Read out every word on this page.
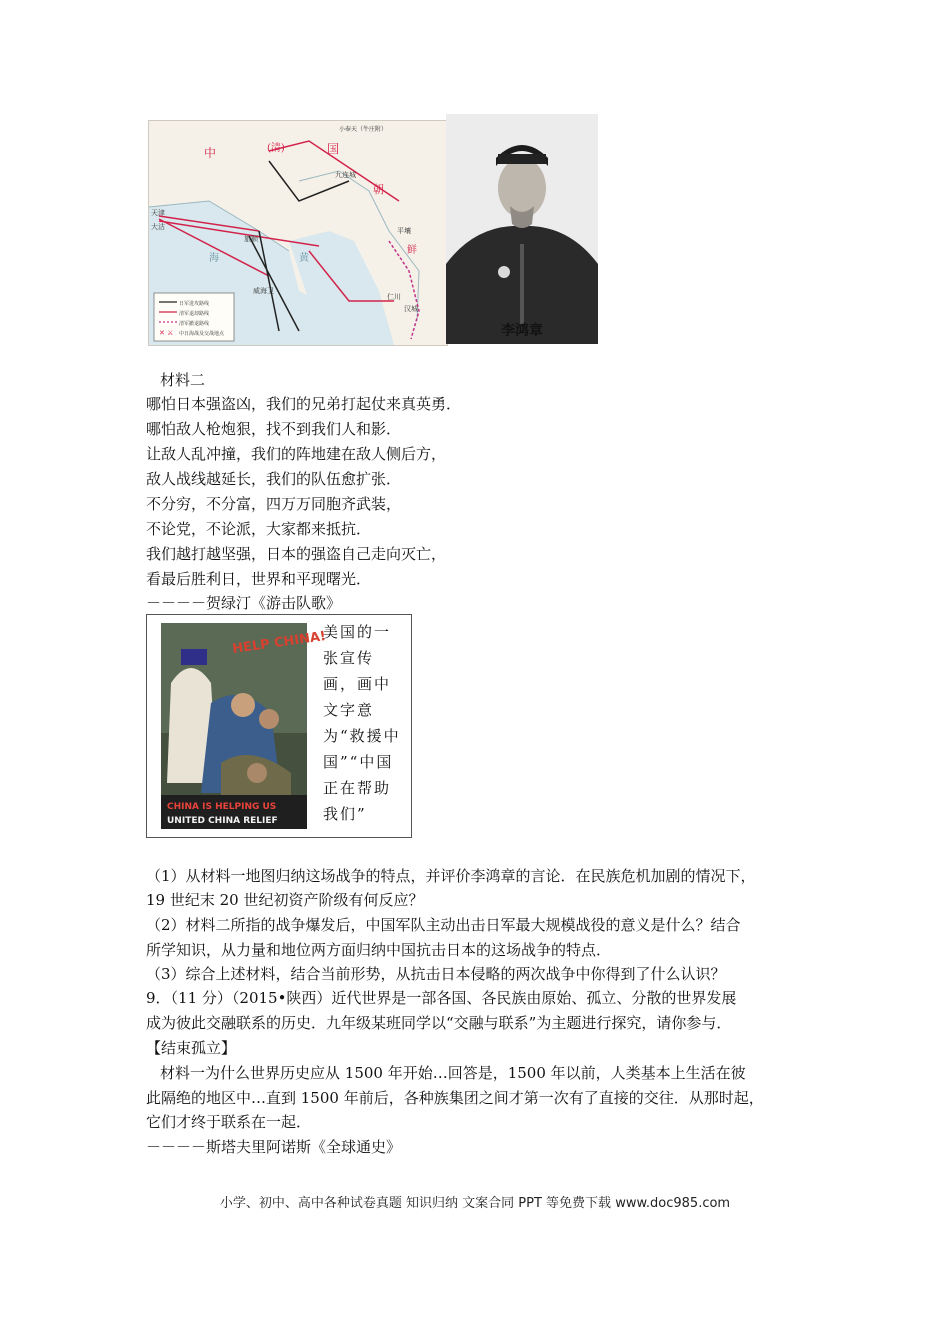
✕ ⚔
中	(清)	国
朝
鲜
海	黄
天津
大沽
旅顺
威海卫
汉城
仁川
平壤
九连城
小奉天（牛庄附）
日军进攻路线
清军退却路线
清军撤退路线
中日海战及交战地点	李鸿章
材料二
哪怕日本强盗凶，我们的兄弟打起仗来真英勇．
哪怕敌人枪炮狠，找不到我们人和影．
让敌人乱冲撞，我们的阵地建在敌人侧后方，
敌人战线越延长，我们的队伍愈扩张．
不分穷，不分富，四万万同胞齐武装，
不论党，不论派，大家都来抵抗．
我们越打越坚强，日本的强盗自己走向灭亡，
看最后胜利日，世界和平现曙光．
－－－－贺绿汀《游击队歌》
HELP CHINA!
CHINA IS HELPING US
UNITED CHINA RELIEF
美国的一张宣传画，画中文字意为“救援中国”“中国正在帮助我们”
（1）从材料一地图归纳这场战争的特点，并评价李鸿章的言论．在民族危机加剧的情况下，
19 世纪末 20 世纪初资产阶级有何反应？
（2）材料二所指的战争爆发后，中国军队主动出击日军最大规模战役的意义是什么？结合
所学知识，从力量和地位两方面归纳中国抗击日本的这场战争的特点．
（3）综合上述材料，结合当前形势，从抗击日本侵略的两次战争中你得到了什么认识？
9．（11 分）（2015•陕西）近代世界是一部各国、各民族由原始、孤立、分散的世界发展
成为彼此交融联系的历史．九年级某班同学以“交融与联系”为主题进行探究，请你参与．
【结束孤立】
材料一为什么世界历史应从 1500 年开始…回答是，1500 年以前，人类基本上生活在彼
此隔绝的地区中…直到 1500 年前后，各种族集团之间才第一次有了直接的交往．从那时起，
它们才终于联系在一起．
－－－－斯塔夫里阿诺斯《全球通史》
小学、初中、高中各种试卷真题 知识归纳 文案合同 PPT 等免费下载 www.doc985.com
